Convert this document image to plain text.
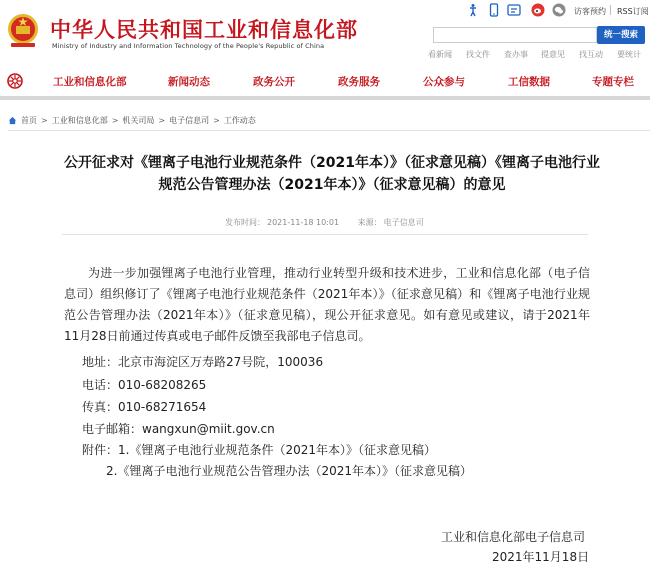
中华人民共和国工业和信息化部
Ministry of Industry and Information Technology of the People's Republic of China
访客预约 RSS订阅
统一搜索
看新闻 找文件 查办事 提意见 找互动 要统计
工业和信息化部	新闻动态	政务公开	政务服务	公众参与	工信数据	专题专栏
首页 > 工业和信息化部 > 机关司局 > 电子信息司 > 工作动态
公开征求对《锂离子电池行业规范条件（2021年本）》（征求意见稿）《锂离子电池行业规范公告管理办法（2021年本）》（征求意见稿）的意见
发布时间： 2021-11-18 10:01 来源： 电子信息司
为进一步加强锂离子电池行业管理，推动行业转型升级和技术进步，工业和信息化部（电子信息司）组织修订了《锂离子电池行业规范条件（2021年本）》（征求意见稿）和《锂离子电池行业规范公告管理办法（2021年本）》（征求意见稿），现公开征求意见。如有意见或建议，请于2021年11月28日前通过传真或电子邮件反馈至我部电子信息司。
地址：北京市海淀区万寿路27号院，100036
电话：010-68208265
传真：010-68271654
电子邮箱：wangxun@miit.gov.cn
附件：1.《锂离子电池行业规范条件（2021年本）》（征求意见稿）
2.《锂离子电池行业规范公告管理办法（2021年本）》（征求意见稿）
工业和信息化部电子信息司
2021年11月18日
